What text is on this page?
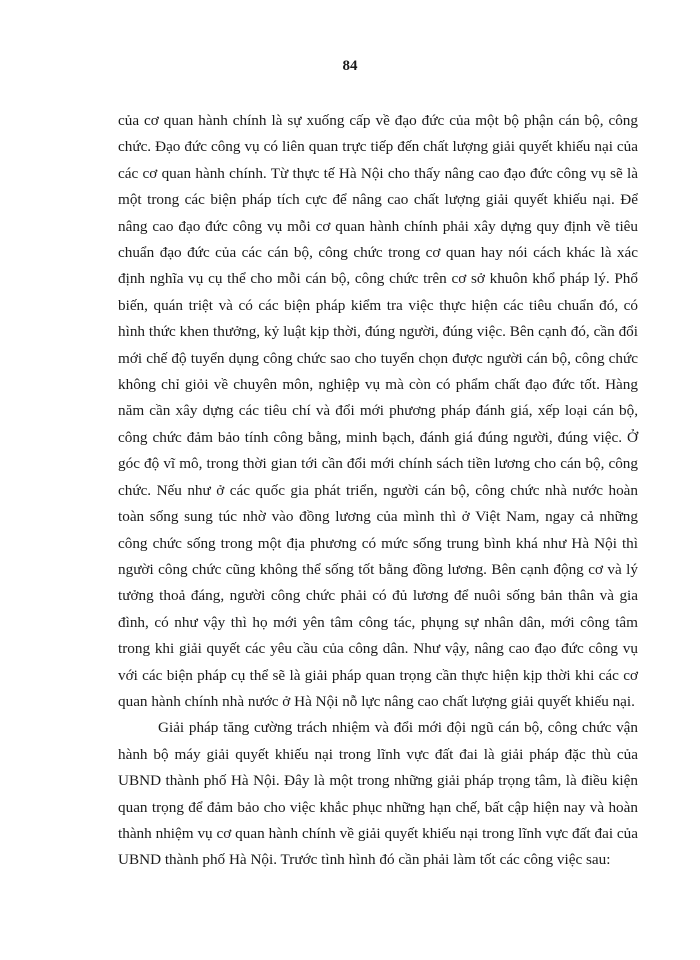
84

của cơ quan hành chính là sự xuống cấp về đạo đức của một bộ phận cán bộ, công chức. Đạo đức công vụ có liên quan trực tiếp đến chất lượng giải quyết khiếu nại của các cơ quan hành chính. Từ thực tế Hà Nội cho thấy nâng cao đạo đức công vụ sẽ là một trong các biện pháp tích cực để nâng cao chất lượng giải quyết khiếu nại. Để nâng cao đạo đức công vụ mỗi cơ quan hành chính phải xây dựng quy định về tiêu chuẩn đạo đức của các cán bộ, công chức trong cơ quan hay nói cách khác là xác định nghĩa vụ cụ thể cho mỗi cán bộ, công chức trên cơ sở khuôn khổ pháp lý. Phổ biến, quán triệt và có các biện pháp kiểm tra việc thực hiện các tiêu chuẩn đó, có hình thức khen thưởng, kỷ luật kịp thời, đúng người, đúng việc. Bên cạnh đó, cần đổi mới chế độ tuyển dụng công chức sao cho tuyển chọn được người cán bộ, công chức không chỉ giỏi về chuyên môn, nghiệp vụ mà còn có phẩm chất đạo đức tốt. Hàng năm cần xây dựng các tiêu chí và đổi mới phương pháp đánh giá, xếp loại cán bộ, công chức đảm bảo tính công bằng, minh bạch, đánh giá đúng người, đúng việc. Ở góc độ vĩ mô, trong thời gian tới cần đổi mới chính sách tiền lương cho cán bộ, công chức. Nếu như ở các quốc gia phát triển, người cán bộ, công chức nhà nước hoàn toàn sống sung túc nhờ vào đồng lương của mình thì ở Việt Nam, ngay cả những công chức sống trong một địa phương có mức sống trung bình khá như Hà Nội thì người công chức cũng không thể sống tốt bằng đồng lương. Bên cạnh động cơ và lý tưởng thoả đáng, người công chức phải có đủ lương để nuôi sống bản thân và gia đình, có như vậy thì họ mới yên tâm công tác, phụng sự nhân dân, mới công tâm trong khi giải quyết các yêu cầu của công dân. Như vậy, nâng cao đạo đức công vụ với các biện pháp cụ thể sẽ là giải pháp quan trọng cần thực hiện kịp thời khi các cơ quan hành chính nhà nước ở Hà Nội nỗ lực nâng cao chất lượng giải quyết khiếu nại.

Giải pháp tăng cường trách nhiệm và đổi mới đội ngũ cán bộ, công chức vận hành bộ máy giải quyết khiếu nại trong lĩnh vực đất đai là giải pháp đặc thù của UBND thành phố Hà Nội. Đây là một trong những giải pháp trọng tâm, là điều kiện quan trọng để đảm bảo cho việc khắc phục những hạn chế, bất cập hiện nay và hoàn thành nhiệm vụ cơ quan hành chính về giải quyết khiếu nại trong lĩnh vực đất đai của UBND thành phố Hà Nội. Trước tình hình đó cần phải làm tốt các công việc sau:
